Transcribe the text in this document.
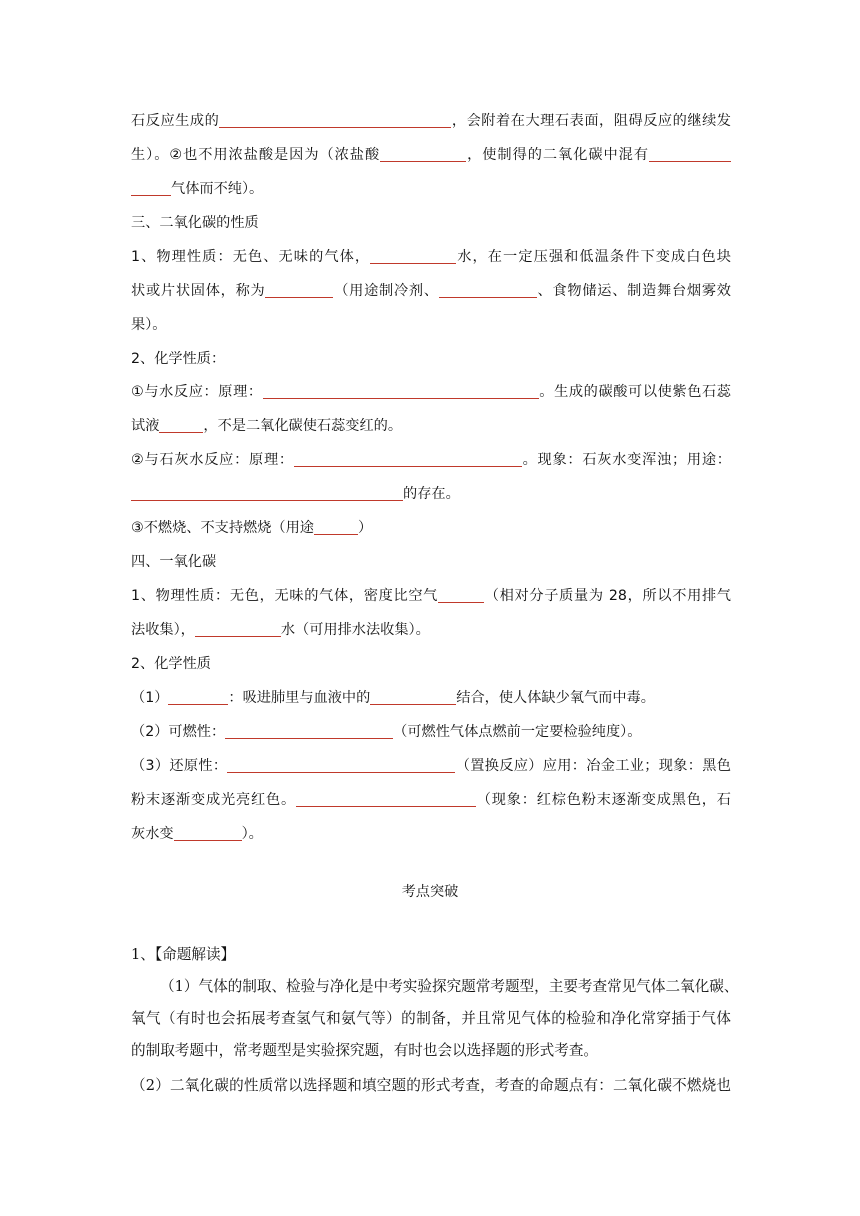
石反应生成的	，会附着在大理石表面，阻碍反应的继续发
生）。②也不用浓盐酸是因为（浓盐酸	，使制得的二氧化碳中混有
气体而不纯）。
三、二氧化碳的性质
1、物理性质：无色、无味的气体，	水，在一定压强和低温条件下变成白色块
状或片状固体，称为	（用途制冷剂、	、食物储运、制造舞台烟雾效
果）。
2、化学性质：
①与水反应：原理：	。生成的碳酸可以使紫色石蕊
试液	，不是二氧化碳使石蕊变红的。
②与石灰水反应：原理：	。现象：石灰水变浑浊；用途：
的存在。
③不燃烧、不支持燃烧（用途	）
四、一氧化碳
1、物理性质：无色，无味的气体，密度比空气	（相对分子质量为 28，所以不用排气
法收集），	水（可用排水法收集）。
2、化学性质
（1）	：吸进肺里与血液中的	结合，使人体缺少氧气而中毒。
（2）可燃性：	（可燃性气体点燃前一定要检验纯度）。
（3）还原性：	（置换反应）应用：冶金工业；现象：黑色
粉末逐渐变成光亮红色。	（现象：红棕色粉末逐渐变成黑色，石
灰水变	）。
考点突破
1、【命题解读】
（1）气体的制取、检验与净化是中考实验探究题常考题型，主要考查常见气体二氧化碳、
氧气（有时也会拓展考查氢气和氨气等）的制备，并且常见气体的检验和净化常穿插于气体
的制取考题中，常考题型是实验探究题，有时也会以选择题的形式考查。
（2）二氧化碳的性质常以选择题和填空题的形式考查，考查的命题点有：二氧化碳不燃烧也
